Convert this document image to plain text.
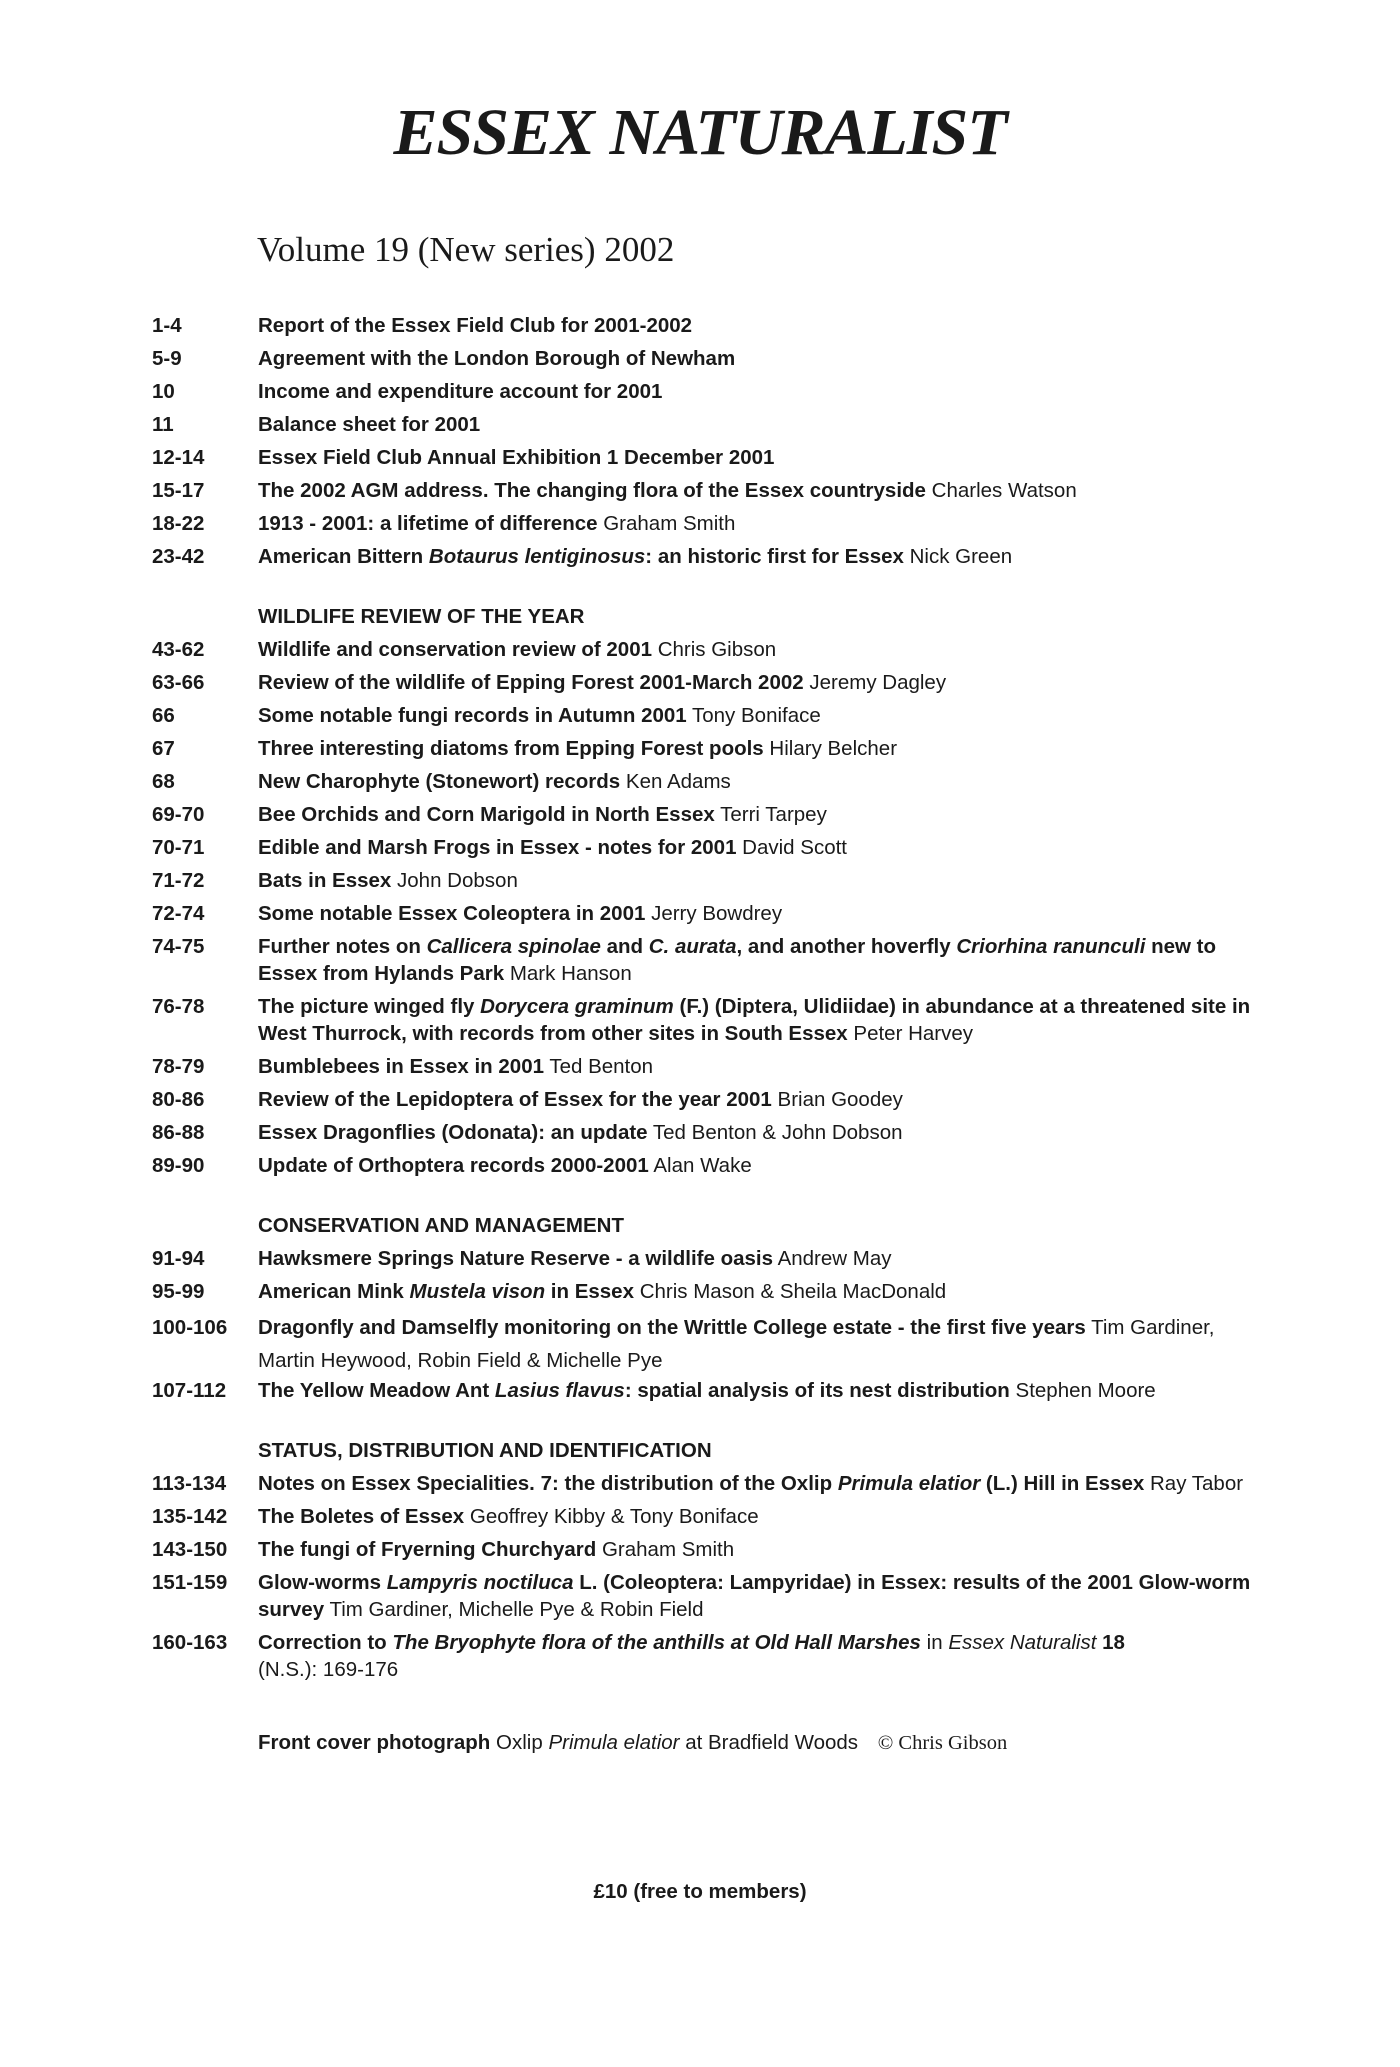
ESSEX NATURALIST
Volume 19 (New series) 2002
1-4	Report of the Essex Field Club for 2001-2002
5-9	Agreement with the London Borough of Newham
10	Income and expenditure account for 2001
11	Balance sheet for 2001
12-14	Essex Field Club Annual Exhibition 1 December 2001
15-17	The 2002 AGM address. The changing flora of the Essex countryside Charles Watson
18-22	1913 - 2001: a lifetime of difference Graham Smith
23-42	American Bittern Botaurus lentiginosus: an historic first for Essex Nick Green
WILDLIFE REVIEW OF THE YEAR
43-62	Wildlife and conservation review of 2001 Chris Gibson
63-66	Review of the wildlife of Epping Forest 2001-March 2002 Jeremy Dagley
66	Some notable fungi records in Autumn 2001 Tony Boniface
67	Three interesting diatoms from Epping Forest pools Hilary Belcher
68	New Charophyte (Stonewort) records Ken Adams
69-70	Bee Orchids and Corn Marigold in North Essex Terri Tarpey
70-71	Edible and Marsh Frogs in Essex - notes for 2001 David Scott
71-72	Bats in Essex John Dobson
72-74	Some notable Essex Coleoptera in 2001 Jerry Bowdrey
74-75	Further notes on Callicera spinolae and C. aurata, and another hoverfly Criorhina ranunculi new to Essex from Hylands Park Mark Hanson
76-78	The picture winged fly Dorycera graminum (F.) (Diptera, Ulidiidae) in abundance at a threatened site in West Thurrock, with records from other sites in South Essex Peter Harvey
78-79	Bumblebees in Essex in 2001 Ted Benton
80-86	Review of the Lepidoptera of Essex for the year 2001 Brian Goodey
86-88	Essex Dragonflies (Odonata): an update Ted Benton & John Dobson
89-90	Update of Orthoptera records 2000-2001 Alan Wake
CONSERVATION AND MANAGEMENT
91-94	Hawksmere Springs Nature Reserve - a wildlife oasis Andrew May
95-99	American Mink Mustela vison in Essex Chris Mason & Sheila MacDonald
100-106	Dragonfly and Damselfly monitoring on the Writtle College estate - the first five years Tim Gardiner, Martin Heywood, Robin Field & Michelle Pye
107-112	The Yellow Meadow Ant Lasius flavus: spatial analysis of its nest distribution Stephen Moore
STATUS, DISTRIBUTION AND IDENTIFICATION
113-134	Notes on Essex Specialities. 7: the distribution of the Oxlip Primula elatior (L.) Hill in Essex Ray Tabor
135-142	The Boletes of Essex Geoffrey Kibby & Tony Boniface
143-150	The fungi of Fryerning Churchyard Graham Smith
151-159	Glow-worms Lampyris noctiluca L. (Coleoptera: Lampyridae) in Essex: results of the 2001 Glow-worm survey Tim Gardiner, Michelle Pye & Robin Field
160-163	Correction to The Bryophyte flora of the anthills at Old Hall Marshes in Essex Naturalist 18
(N.S.): 169-176
Front cover photograph Oxlip Primula elatior at Bradfield Woods © Chris Gibson
£10 (free to members)
